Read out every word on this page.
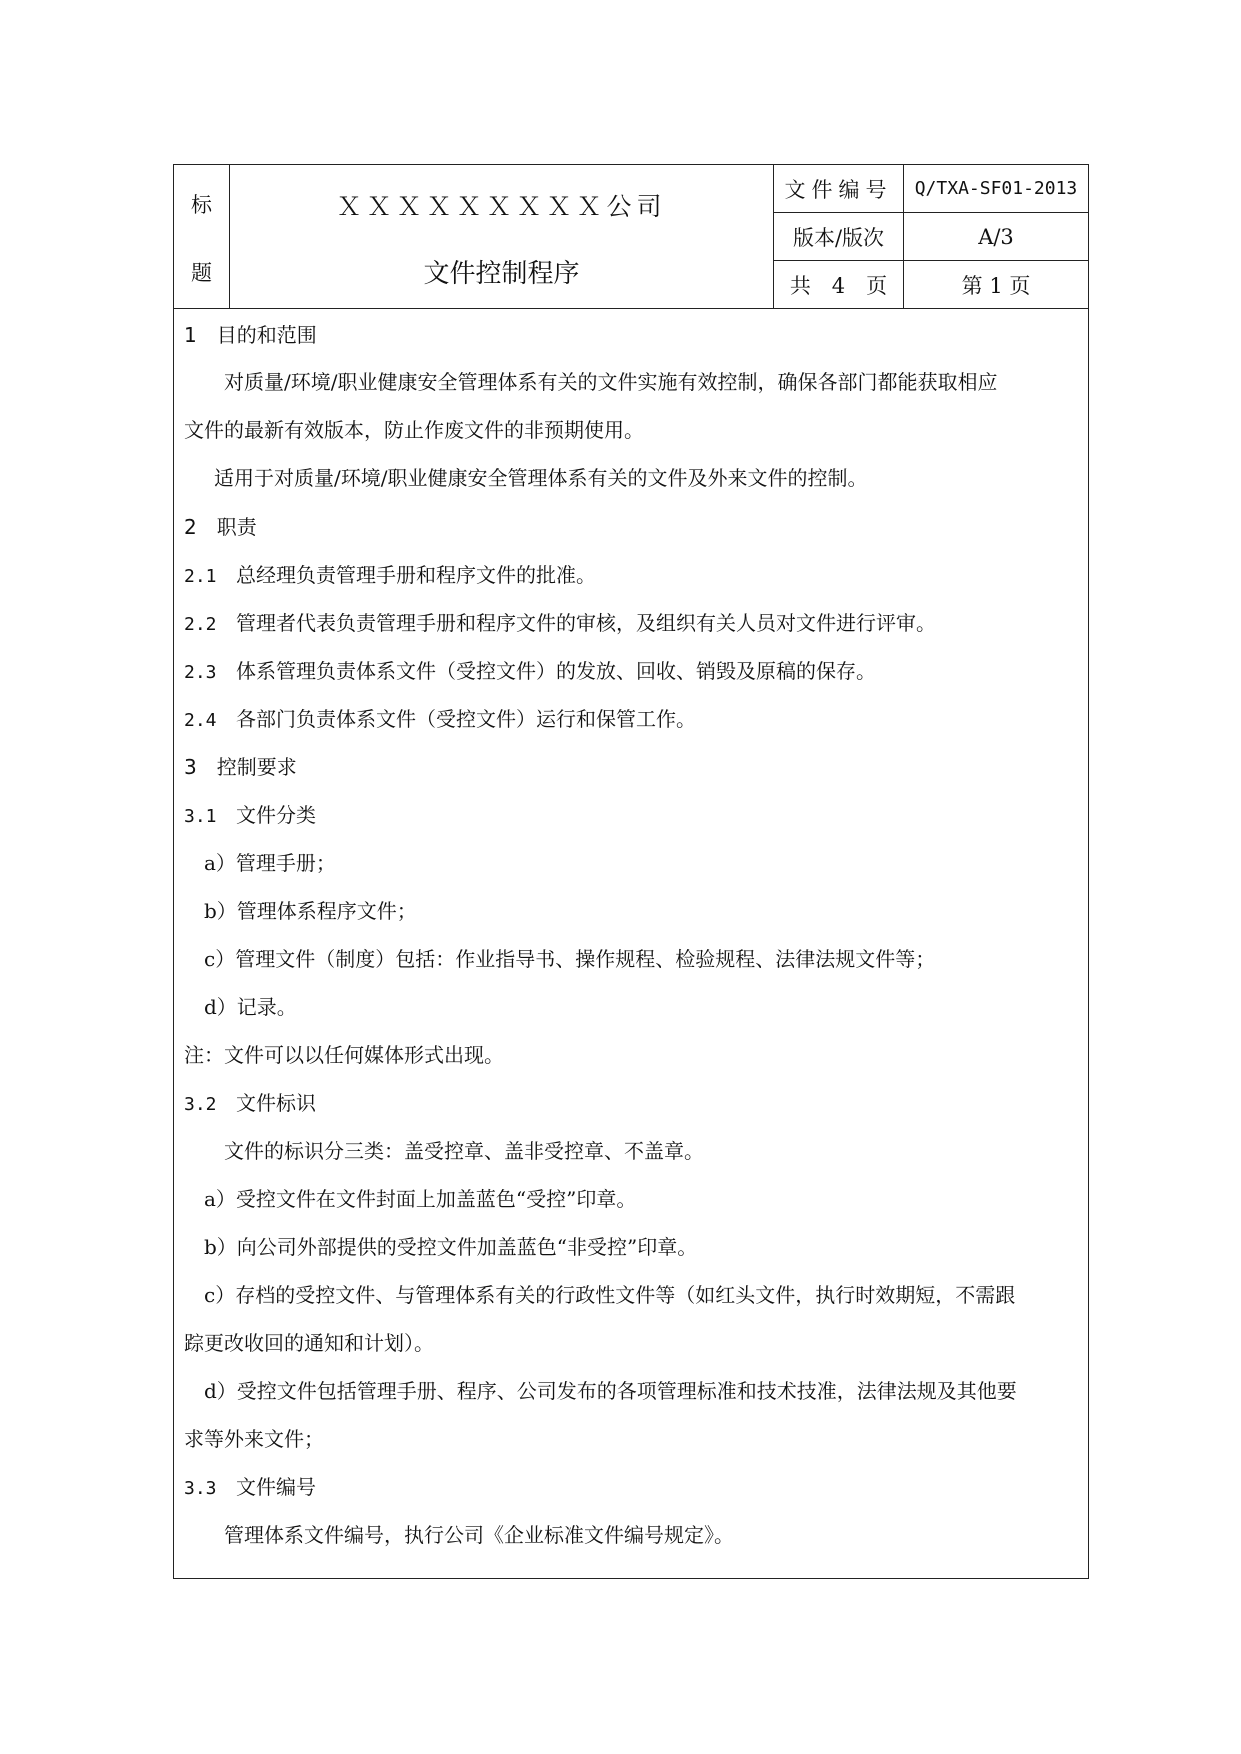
标
题
ＸＸＸＸＸＸＸＸＸ公司
文件控制程序
文件编号	Q/TXA-SF01-2013
版本/版次	A/3
共　4　页	第 1 页
1　目的和范围
对质量/环境/职业健康安全管理体系有关的文件实施有效控制，确保各部门都能获取相应
文件的最新有效版本，防止作废文件的非预期使用。
适用于对质量/环境/职业健康安全管理体系有关的文件及外来文件的控制。
2　职责
2.1 总经理负责管理手册和程序文件的批准。
2.2 管理者代表负责管理手册和程序文件的审核，及组织有关人员对文件进行评审。
2.3 体系管理负责体系文件（受控文件）的发放、回收、销毁及原稿的保存。
2.4 各部门负责体系文件（受控文件）运行和保管工作。
3　控制要求
3.1 文件分类
a）管理手册；
b）管理体系程序文件；
c）管理文件（制度）包括：作业指导书、操作规程、检验规程、法律法规文件等；
d）记录。
注：文件可以以任何媒体形式出现。
3.2 文件标识
文件的标识分三类：盖受控章、盖非受控章、不盖章。
a）受控文件在文件封面上加盖蓝色“受控”印章。
b）向公司外部提供的受控文件加盖蓝色“非受控”印章。
c）存档的受控文件、与管理体系有关的行政性文件等（如红头文件，执行时效期短，不需跟
踪更改收回的通知和计划）。
d）受控文件包括管理手册、程序、公司发布的各项管理标准和技术技准，法律法规及其他要
求等外来文件；
3.3 文件编号
管理体系文件编号，执行公司《企业标准文件编号规定》。
